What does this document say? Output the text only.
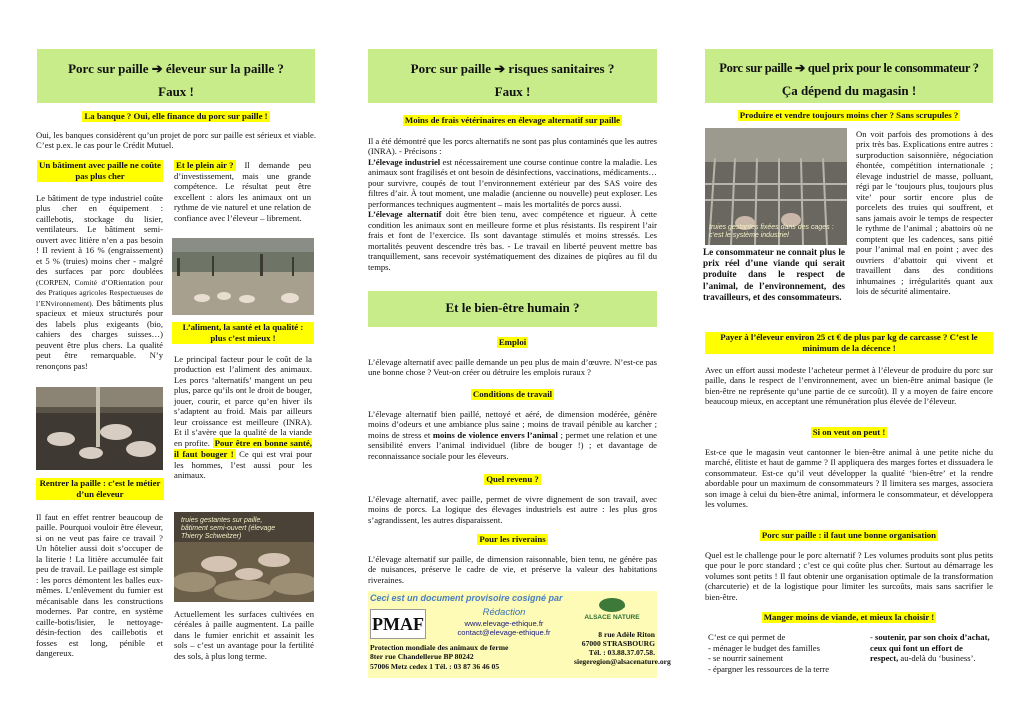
Porc sur paille ➔ éleveur sur la paille ?
Faux !
La banque ? Oui, elle finance du porc sur paille !
Oui, les banques considèrent qu’un projet de porc sur paille est sérieux et viable. C’est p.ex. le cas pour le Crédit Mutuel.
Un bâtiment avec paille ne coûte pas plus cher
Le bâtiment de type industriel coûte plus cher en équipement : caillebotis, stockage du lisier, ventilateurs. Le bâtiment semi-ouvert avec litière n’en a pas besoin ! Il revient à 16 % (engraissement) et 5 % (truies) moins cher - malgré des surfaces par porc doublées (CORPEN, Comité d’ORientation pour des Pratiques agricoles Respectueuses de l’ENvironnement). Des bâtiments plus spacieux et mieux structurés pour des labels plus exigeants (bio, cahiers des charges suisses…) peuvent être plus chers. La qualité peut être remarquable. N’y renonçons pas!
Et le plein air ? Il demande peu d’investissement, mais une grande compétence. Le résultat peut être excellent : alors les animaux ont un rythme de vie naturel et une relation de confiance avec l’éleveur – librement.
L’aliment, la santé et la qualité : plus c’est mieux !
Le principal facteur pour le coût de la production est l’aliment des animaux. Les porcs ‘alternatifs’ mangent un peu plus, parce qu’ils ont le droit de bouger, jouer, courir, et parce qu’en hiver ils s’adaptent au froid. Mais par ailleurs leur croissance est meilleure (INRA). Et il s’avère que la qualité de la viande en profite. Pour être en bonne santé, il faut bouger ! Ce qui est vrai pour les hommes, l’est aussi pour les animaux.
Rentrer la paille : c’est le métier d’un éleveur
Il faut en effet rentrer beaucoup de paille. Pourquoi vouloir être éleveur, si on ne veut pas faire ce travail ? Un hôtelier aussi doit s’occuper de la literie ! La litière accumulée fait peu de travail. Le paillage est simple : les porcs démontent les balles eux-mêmes. L’enlèvement du fumier est mécanisable dans les constructions modernes. Par contre, en système caille-botis/lisier, le nettoyage-désin-fection des caillebotis et fosses est long, pénible et dangereux.
truies gestantes sur paille, bâtiment semi-ouvert (élevage Thierry Schweitzer)
Actuellement les surfaces cultivées en céréales à paille augmentent. La paille dans le fumier enrichit et assainit les sols – c’est un avantage pour la fertilité des sols, à plus long terme.
Porc sur paille ➔ risques sanitaires ?
Faux !
Moins de frais vétérinaires en élevage alternatif sur paille
Il a été démontré que les porcs alternatifs ne sont pas plus contaminés que les autres (INRA). - Précisons :
L’élevage industriel est nécessairement une course continue contre la maladie. Les animaux sont fragilisés et ont besoin de désinfections, vaccinations, médicaments… pour survivre, coupés de tout l’environnement extérieur par des SAS voire des filtres d’air. À tout moment, une maladie (ancienne ou nouvelle) peut exploser. Les performances techniques augmentent – mais les mortalités de porcs aussi.
L’élevage alternatif doit être bien tenu, avec compétence et rigueur. À cette condition les animaux sont en meilleure forme et plus résistants. Ils respirent l’air frais et font de l’exercice. Ils sont davantage stimulés et moins stressés. Les mortalités peuvent descendre très bas. - Le travail en liberté peuvent mettre bas tranquillement, sans recevoir systématiquement des dizaines de piqûres au fil du temps.
Et le bien-être humain ?
Emploi
L’élevage alternatif avec paille demande un peu plus de main d’œuvre. N’est-ce pas une bonne chose ? Veut-on créer ou détruire les emplois ruraux ?
Conditions de travail
L’élevage alternatif bien paillé, nettoyé et aéré, de dimension modérée, génère moins d’odeurs et une ambiance plus saine ; moins de travail pénible au karcher ; moins de stress et moins de violence envers l’animal ; permet une relation et une sensibilité envers l’animal individuel (libre de bouger !) ; et davantage de reconnaissance sociale pour les éleveurs.
Quel revenu ?
L’élevage alternatif, avec paille, permet de vivre dignement de son travail, avec moins de porcs. La logique des élevages industriels est autre : les plus gros s’agrandissent, les autres disparaissent.
Pour les riverains
L’élevage alternatif sur paille, de dimension raisonnable, bien tenu, ne génère pas de nuisances, préserve le cadre de vie, et préserve la valeur des habitations riveraines.
Ceci est un document provisoire cosigné par
PMAF
Rédaction
www.elevage-ethique.fr
contact@elevage-ethique.fr
ALSACE NATURE
8 rue Adèle Riton
67000 STRASBOURG
Tél. : 03.88.37.07.58.
siegeregion@alsacenature.org
Protection mondiale des animaux de ferme
8ter rue Chandellerue BP 80242
57006 Metz cedex 1 Tél. : 03 87 36 46 05
Porc sur paille ➔ quel prix pour le consommateur ?
Ça dépend du magasin !
Produire et vendre toujours moins cher ? Sans scrupules ?
truies gestantes fixées dans des cages : c’est le système industriel
On voit parfois des promotions à des prix très bas. Explications entre autres : surproduction saisonnière, négociation éhontée, compétition internationale ; élevage industriel de masse, polluant, régi par le ‘toujours plus, toujours plus vite’ pour sortir encore plus de porcelets des truies qui souffrent, et sans jamais avoir le temps de respecter le rythme de l’animal ; abattoirs où ne comptent que les cadences, sans pitié pour l’animal mal en point ; avec des ouvriers d’abattoir qui vivent et travaillent dans des conditions inhumaines ; irrégularités quant aux lois de sécurité alimentaire.
Le consommateur ne connait plus le prix réel d’une viande qui serait produite dans le respect de l’animal, de l’environnement, des travailleurs, et des consommateurs.
Payer à l’éleveur environ 25 ct € de plus par kg de carcasse ? C’est le minimum de la décence !
Avec un effort aussi modeste l’acheteur permet à l’éleveur de produire du porc sur paille, dans le respect de l’environnement, avec un bien-être animal basique (le bien-être ne représente qu’une partie de ce surcoût). Il y a moyen de faire encore beaucoup mieux, en acceptant une rémunération plus élevée de l’éleveur.
Si on veut on peut !
Est-ce que le magasin veut cantonner le bien-être animal à une petite niche du marché, élitiste et haut de gamme ? Il appliquera des marges fortes et dissuadera le consommateur. Est-ce qu’il veut développer la qualité ‘bien-être’ et la rendre abordable pour un maximum de consommateurs ? Il limitera ses marges, associera son image à celui du bien-être animal, informera le consommateur, et développera les volumes.
Porc sur paille : il faut une bonne organisation
Quel est le challenge pour le porc alternatif ? Les volumes produits sont plus petits que pour le porc standard ; c’est ce qui coûte plus cher. Surtout au démarrage les volumes sont petits ! Il faut obtenir une organisation optimale de la transformation (charcuterie) et de la logistique pour limiter les surcoûts, mais sans sacrifier le bien-être.
Manger moins de viande, et mieux la choisir !
C’est ce qui permet de
- ménager le budget des familles
- se nourrir sainement
- épargner les ressources de la terre
- soutenir, par son choix d’achat, ceux qui font un effort de respect, au-delà du ‘business’.
